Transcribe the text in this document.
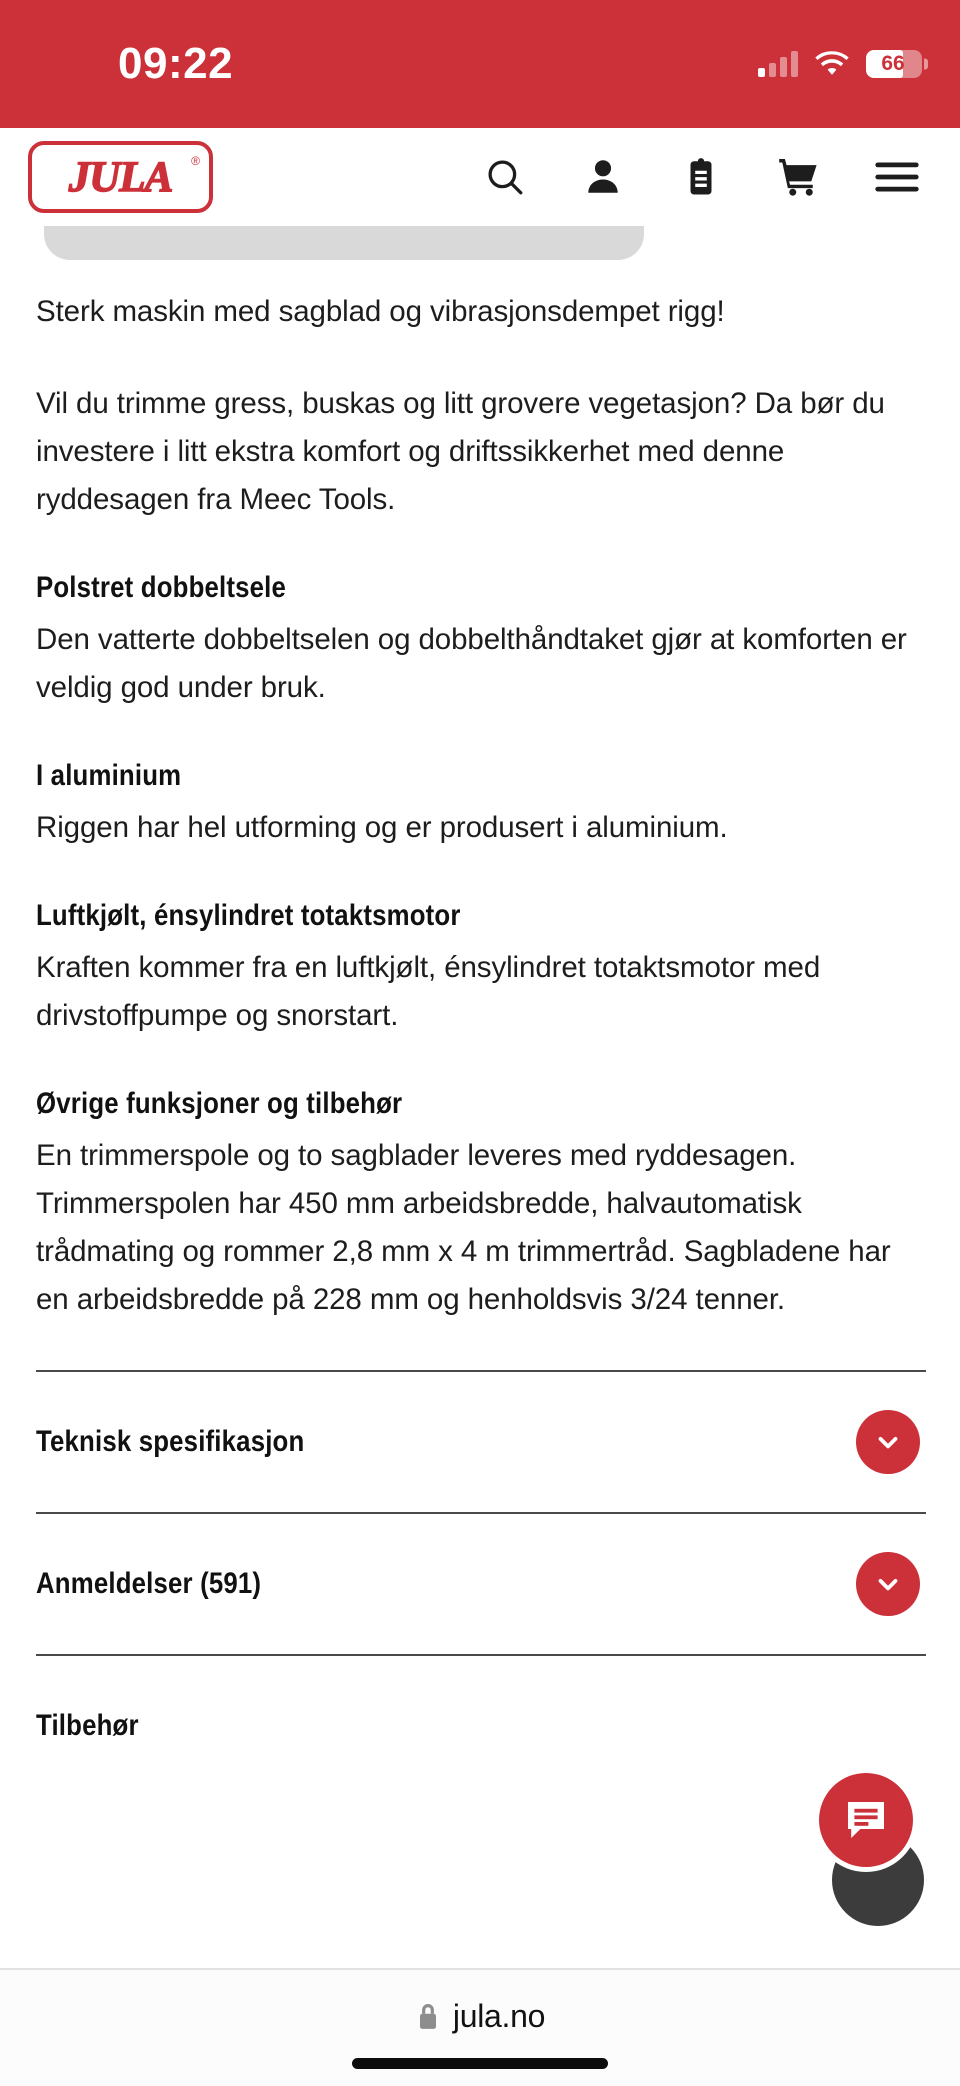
09:22	66
JULA ®

Sterk maskin med sagblad og vibrasjonsdempet rigg!

Vil du trimme gress, buskas og litt grovere vegetasjon? Da bør du investere i litt ekstra komfort og driftssikkerhet med denne ryddesagen fra Meec Tools.

Polstret dobbeltsele

Den vatterte dobbeltselen og dobbelthåndtaket gjør at komforten er veldig god under bruk.

I aluminium

Riggen har hel utforming og er produsert i aluminium.

Luftkjølt, énsylindret totaktsmotor

Kraften kommer fra en luftkjølt, énsylindret totaktsmotor med drivstoffpumpe og snorstart.

Øvrige funksjoner og tilbehør

En trimmerspole og to sagblader leveres med ryddesagen. Trimmerspolen har 450 mm arbeidsbredde, halvautomatisk trådmating og rommer 2,8 mm x 4 m trimmertråd. Sagbladene har en arbeidsbredde på 228 mm og henholdsvis 3/24 tenner.

Teknisk spesifikasjon
Anmeldelser (591)
Tilbehør
jula.no
